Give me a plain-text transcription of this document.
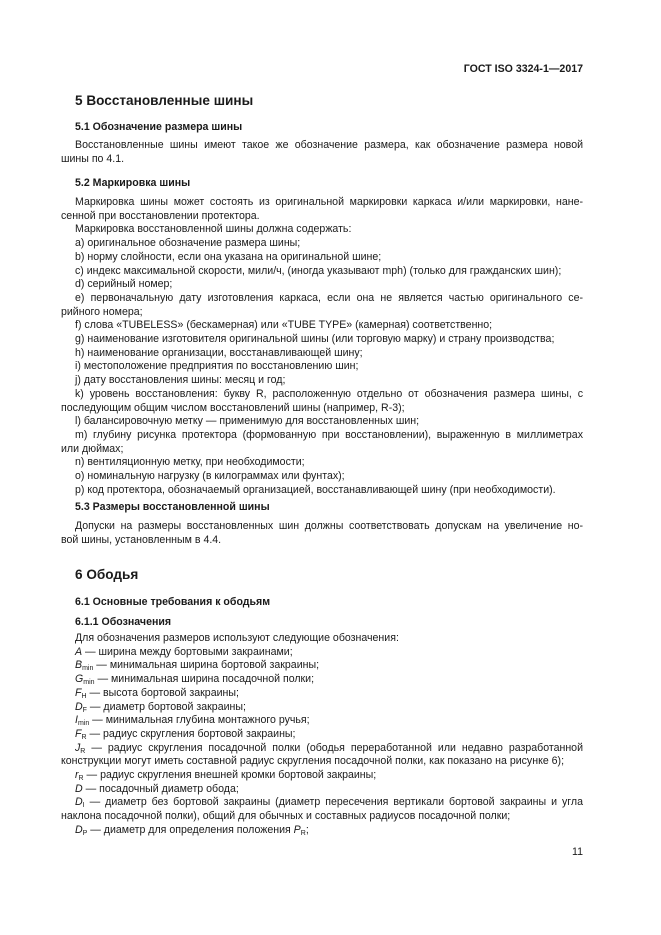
ГОСТ ISO 3324-1—2017
5 Восстановленные шины
5.1 Обозначение размера шины

Восстановленные шины имеют такое же обозначение размера, как обозначение размера новой

шины по 4.1.

5.2 Маркировка шины

Маркировка шины может состоять из оригинальной маркировки каркаса и/или маркировки, нане-

сенной при восстановлении протектора.

Маркировка восстановленной шины должна содержать:

a) оригинальное обозначение размера шины;

b) норму слойности, если она указана на оригинальной шине;

c) индекс максимальной скорости, мили/ч, (иногда указывают mph) (только для гражданских шин);

d) серийный номер;

e) первоначальную дату изготовления каркаса, если она не является частью оригинального се-

рийного номера;

f) слова «TUBELESS» (бескамерная) или «TUBE TYPE» (камерная) соответственно;

g) наименование изготовителя оригинальной шины (или торговую марку) и страну производства;

h) наименование организации, восстанавливающей шину;

i) местоположение предприятия по восстановлению шин;

j) дату восстановления шины: месяц и год;

k) уровень восстановления: букву R, расположенную отдельно от обозначения размера шины, c

последующим общим числом восстановлений шины (например, R-3);

l) балансировочную метку — применимую для восстановленных шин;

m) глубину рисунка протектора (формованную при восстановлении), выраженную в миллиметрах

или дюймах;

n) вентиляционную метку, при необходимости;

o) номинальную нагрузку (в килограммах или фунтах);

p) код протектора, обозначаемый организацией, восстанавливающей шину (при необходимости).

5.3 Размеры восстановленной шины

Допуски на размеры восстановленных шин должны соответствовать допускам на увеличение но-

вой шины, установленным в 4.4.

6 Ободья
6.1 Основные требования к ободьям
6.1.1 Обозначения

Для обозначения размеров используют следующие обозначения:

A — ширина между бортовыми закраинами;

$B_{min}$ — минимальная ширина бортовой закраины;

$G_{min}$ — минимальная ширина посадочной полки;

$F_H$ — высота бортовой закраины;

$D_F$ — диаметр бортовой закраины;

$I_{min}$ — минимальная глубина монтажного ручья;

$F_R$ — радиус скругления бортовой закраины;

$J_R$ — радиус скругления посадочной полки (ободья переработанной или недавно разработанной

конструкции могут иметь составной радиус скругления посадочной полки, как показано на рисунке 6);

$r_R$ — радиус скругления внешней кромки бортовой закраины;

D — посадочный диаметр обода;

$D_I$ — диаметр без бортовой закраины (диаметр пересечения вертикали бортовой закраины и угла

наклона посадочной полки), общий для обычных и составных радиусов посадочной полки;

$D_P$ — диаметр для определения положения $P_R$;

11
